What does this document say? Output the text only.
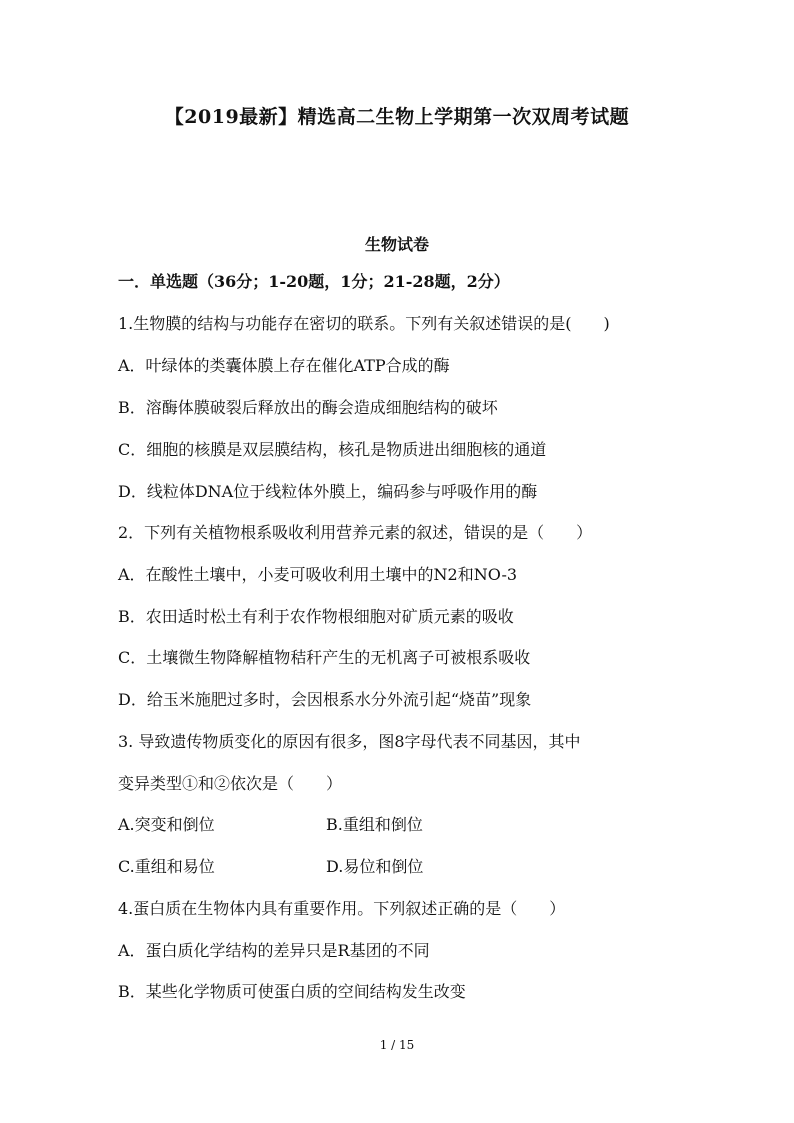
【2019最新】精选高二生物上学期第一次双周考试题
生物试卷
一．单选题（36分；1-20题，1分；21-28题，2分）
1.生物膜的结构与功能存在密切的联系。下列有关叙述错误的是(　　)
A．叶绿体的类囊体膜上存在催化ATP合成的酶
B．溶酶体膜破裂后释放出的酶会造成细胞结构的破坏
C．细胞的核膜是双层膜结构，核孔是物质进出细胞核的通道
D．线粒体DNA位于线粒体外膜上，编码参与呼吸作用的酶
2．下列有关植物根系吸收利用营养元素的叙述，错误的是（　　）
A．在酸性土壤中，小麦可吸收利用土壤中的N2和NO-3
B．农田适时松土有利于农作物根细胞对矿质元素的吸收
C．土壤微生物降解植物秸秆产生的无机离子可被根系吸收
D．给玉米施肥过多时，会因根系水分外流引起“烧苗”现象
3. 导致遗传物质变化的原因有很多，图8字母代表不同基因，其中
变异类型①和②依次是（　　）
A.突变和倒位	B.重组和倒位
C.重组和易位	D.易位和倒位
4.蛋白质在生物体内具有重要作用。下列叙述正确的是（　　）
A．蛋白质化学结构的差异只是R基团的不同
B．某些化学物质可使蛋白质的空间结构发生改变
1 / 15
